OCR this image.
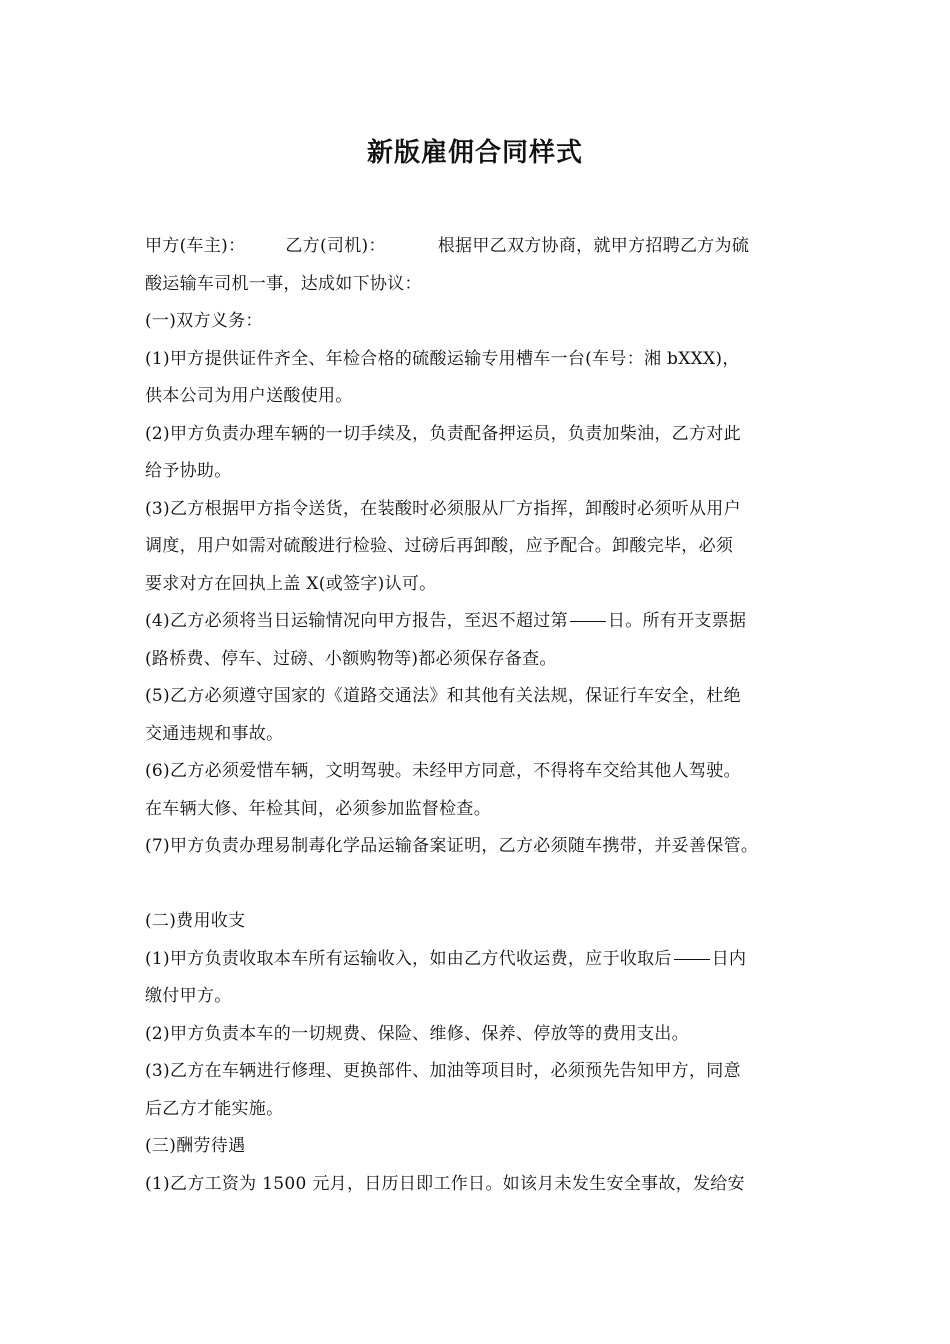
新版雇佣合同样式
甲方(车主)： 乙方(司机)：	根据甲乙双方协商，就甲方招聘乙方为硫
酸运输车司机一事，达成如下协议：
(一)双方义务：
(1)甲方提供证件齐全、年检合格的硫酸运输专用槽车一台(车号：湘 bXXX)，
供本公司为用户送酸使用。
(2)甲方负责办理车辆的一切手续及，负责配备押运员，负责加柴油，乙方对此
给予协助。
(3)乙方根据甲方指令送货，在装酸时必须服从厂方指挥，卸酸时必须听从用户
调度，用户如需对硫酸进行检验、过磅后再卸酸，应予配合。卸酸完毕，必须
要求对方在回执上盖 X(或签字)认可。
(4)乙方必须将当日运输情况向甲方报告，至迟不超过第 日。所有开支票据
(路桥费、停车、过磅、小额购物等)都必须保存备查。
(5)乙方必须遵守国家的《道路交通法》和其他有关法规，保证行车安全，杜绝
交通违规和事故。
(6)乙方必须爱惜车辆，文明驾驶。未经甲方同意，不得将车交给其他人驾驶。
在车辆大修、年检其间，必须参加监督检查。
(7)甲方负责办理易制毒化学品运输备案证明，乙方必须随车携带，并妥善保管。
(二)费用收支
(1)甲方负责收取本车所有运输收入，如由乙方代收运费，应于收取后 日内
缴付甲方。
(2)甲方负责本车的一切规费、保险、维修、保养、停放等的费用支出。
(3)乙方在车辆进行修理、更换部件、加油等项目时，必须预先告知甲方，同意
后乙方才能实施。
(三)酬劳待遇
(1)乙方工资为 1500 元月，日历日即工作日。如该月未发生安全事故，发给安
